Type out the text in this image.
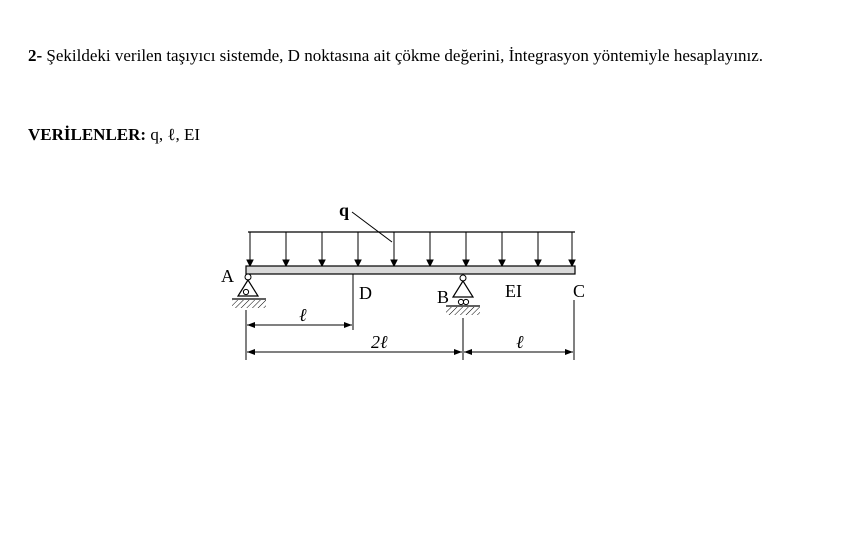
2- Şekildeki verilen taşıyıcı sistemde, D noktasına ait çökme değerini, İntegrasyon yöntemiyle hesaplayınız.
VERİLENLER: q, ℓ, EI
q
A
B
D	EI	C
ℓ
2ℓ	ℓ
